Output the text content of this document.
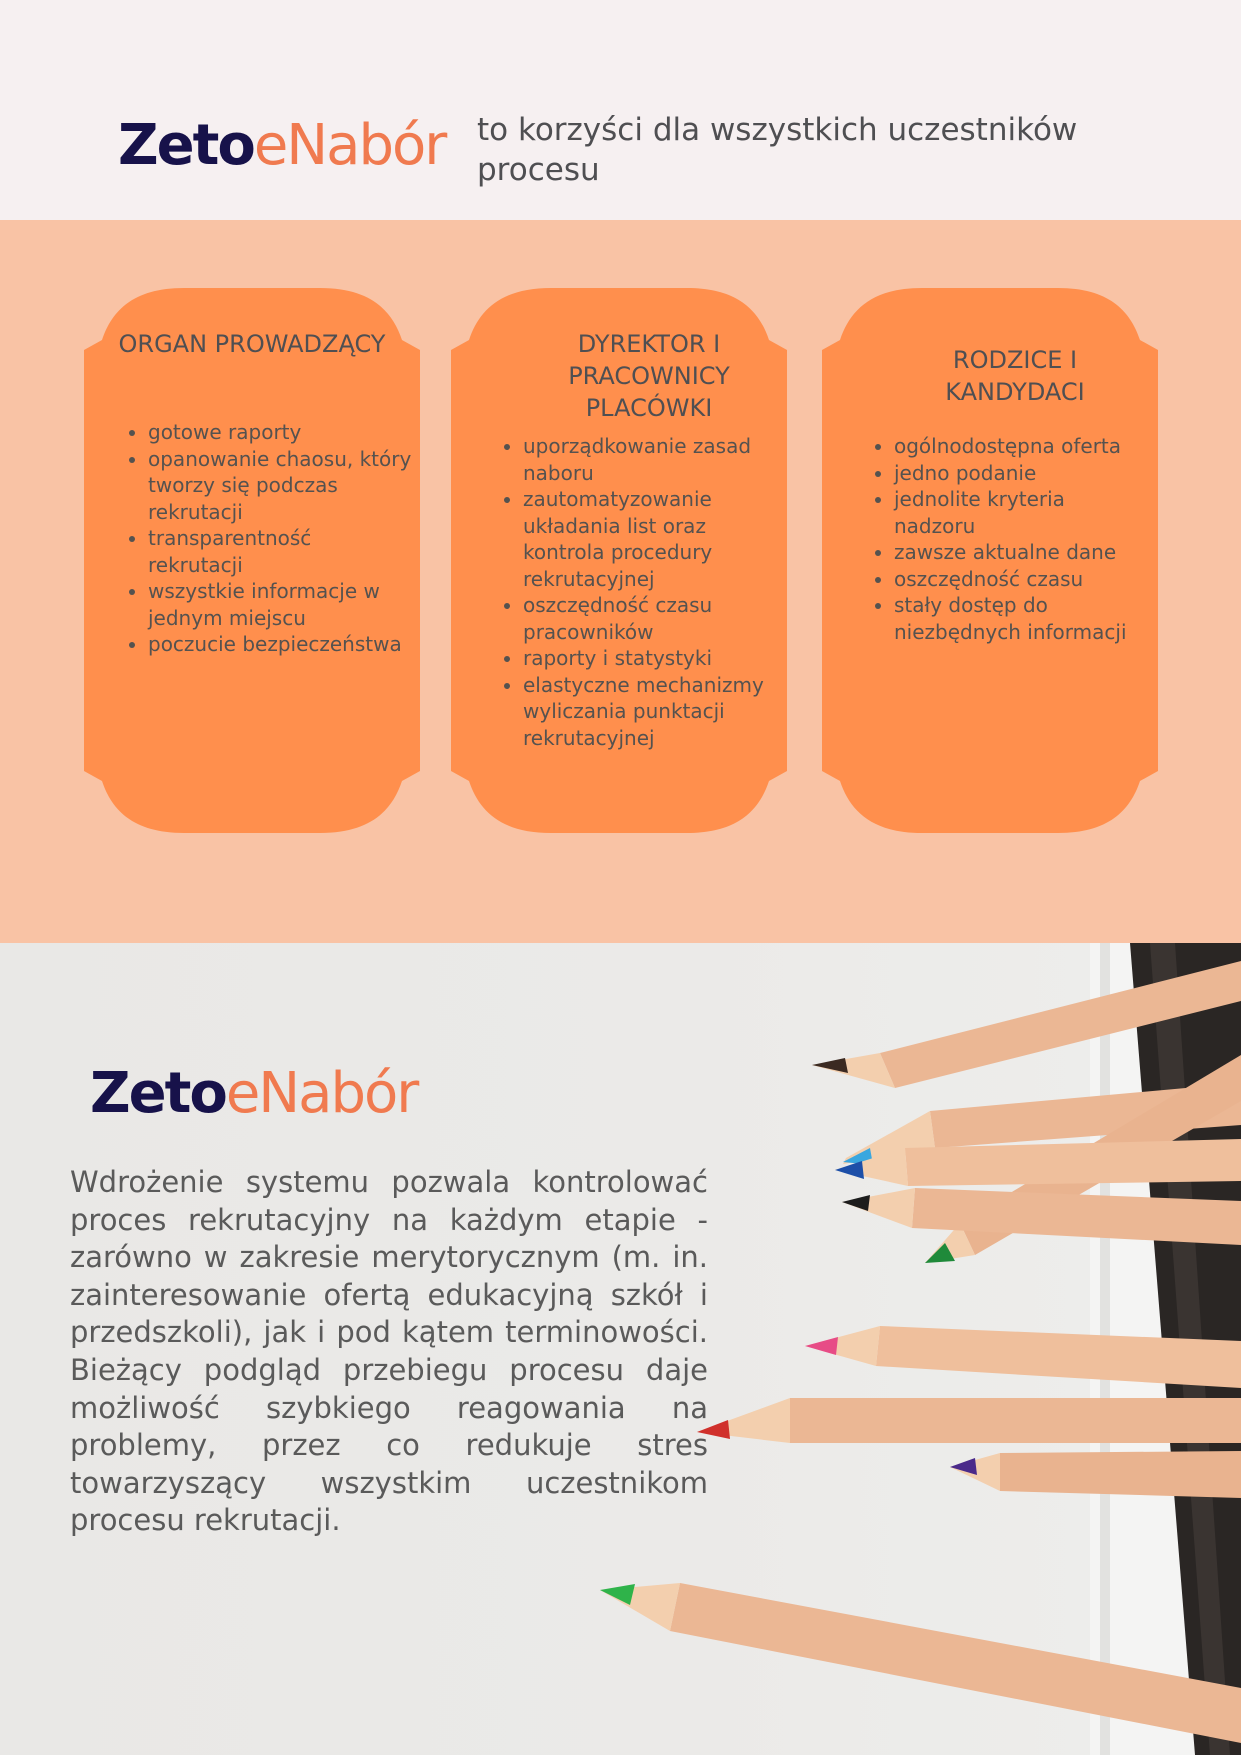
ZetoeNabór to korzyści dla wszystkich uczestników procesu
ORGAN PROWADZĄCY
• gotowe raporty
• opanowanie chaosu, który tworzy się podczas rekrutacji
• transparentność rekrutacji
• wszystkie informacje w jednym miejscu
• poczucie bezpieczeństwa
DYREKTOR I PRACOWNICY PLACÓWKI
• uporządkowanie zasad naboru
• zautomatyzowanie układania list oraz kontrola procedury rekrutacyjnej
• oszczędność czasu pracowników
• raporty i statystyki
• elastyczne mechanizmy wyliczania punktacji rekrutacyjnej
RODZICE I KANDYDACI
• ogólnodostępna oferta
• jedno podanie
• jednolite kryteria nadzoru
• zawsze aktualne dane
• oszczędność czasu
• stały dostęp do niezbędnych informacji
ZetoeNabór
Wdrożenie systemu pozwala kontrolować proces rekrutacyjny na każdym etapie - zarówno w zakresie merytorycznym (m. in. zainteresowanie ofertą edukacyjną szkół i przedszkoli), jak i pod kątem terminowości. Bieżący podgląd przebiegu procesu daje możliwość szybkiego reagowania na problemy, przez co redukuje stres towarzyszący wszystkim uczestnikom procesu rekrutacji.
